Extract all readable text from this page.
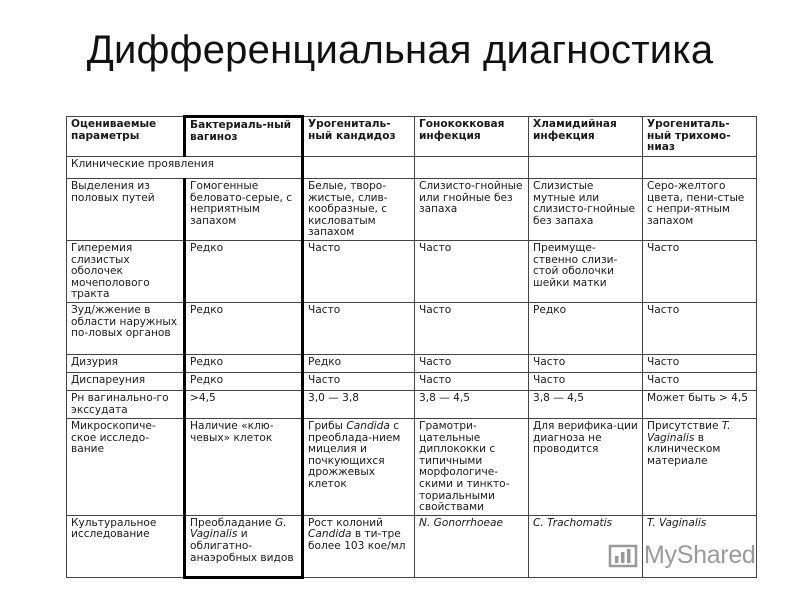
Дифференциальная диагностика
Оцениваемые параметры	Бактериаль-ный вагиноз	Урогениталь-ный кандидоз	Гонококковая инфекция	Хламидийная инфекция	Урогениталь-ный трихомо-ниаз
Клинические проявления					
Выделения из половых путей	Гомогенные беловато-серые, с неприятным запахом	Белые, творо-жистые, слив-кообразные, с кисловатым запахом	Слизисто-гнойные или гнойные без запаха	Слизистые мутные или слизисто-гнойные без запаха	Серо-желтого цвета, пени-стые с непри-ятным запахом
Гиперемия слизистых оболочек мочеполового тракта	Редко	Часто	Часто	Преимуще-ственно слизи-стой оболочки шейки матки	Часто
Зуд/жжение в области наружных по-ловых органов	Редко	Часто	Часто	Редко	Часто
Дизурия	Редко	Редко	Часто	Часто	Часто
Диспареуния	Редко	Часто	Часто	Часто	Часто
Рн вагинально-го экссудата	>4,5	3,0 — 3,8	3,8 — 4,5	3,8 — 4,5	Может быть > 4,5
Микроскопиче-ское исследо-вание	Наличие «клю-чевых» клеток	Грибы Candida с преоблада-нием мицелия и почкующихся дрожжевых клеток	Грамотри-цательные диплококки с типичными морфологиче-скими и тинкто-ториальными свойствами	Для верифика-ции диагноза не проводится	Присутствие T. Vaginalis в клиническом материале
Культуральное исследование	Преобладание G. Vaginalis и облигатно-анаэробных видов	Рост колоний Candida в ти-тре более 103 кое/мл	N. Gonorrhoeae	C. Trachomatis	T. Vaginalis
MyShared
